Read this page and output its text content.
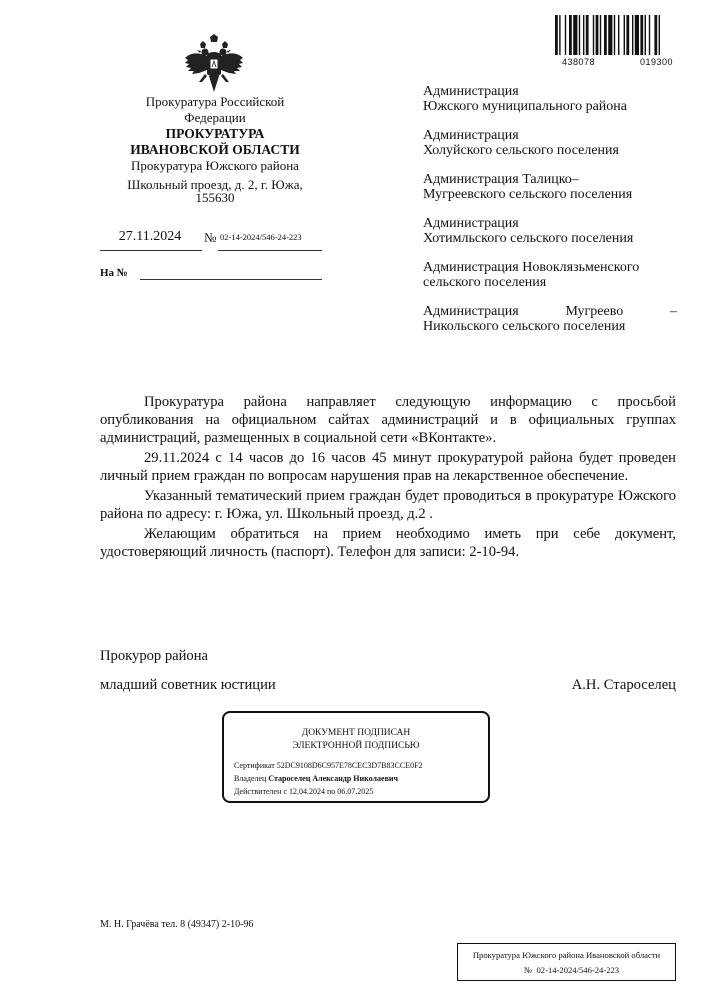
438078	019300
Прокуратура Российской
Федерации
ПРОКУРАТУРА
ИВАНОВСКОЙ ОБЛАСТИ
Прокуратура Южского района
Школьный проезд, д. 2, г. Южа,
155630
27.11.2024	№ 02-14-2024/546-24-223
На №
Администрация
Южского муниципального района
Администрация
Холуйского сельского поселения
Администрация Талицко–
Мугреевского сельского поселения
Администрация
Хотимльского сельского поселения
Администрация Новоклязьменского
сельского поселения
Администрация	Мугреево	–
Никольского сельского поселения

Прокуратура района направляет следующую информацию с просьбой опубликования на официальном сайтах администраций и в официальных группах администраций, размещенных в социальной сети «ВКонтакте».

29.11.2024 с 14 часов до 16 часов 45 минут прокуратурой района будет проведен личный прием граждан по вопросам нарушения прав на лекарственное обеспечение.

Указанный тематический прием граждан будет проводиться в прокуратуре Южского района по адресу: г. Южа, ул. Школьный проезд, д.2 .

Желающим обратиться на прием необходимо иметь при себе документ, удостоверяющий личность (паспорт). Телефон для записи: 2-10-94.

Прокурор района
младший советник юстиции	А.Н. Староселец
ДОКУМЕНТ ПОДПИСАН
ЭЛЕКТРОННОЙ ПОДПИСЬЮ
Сертификат 52DC9108D6C957E78CEC3D7B83CCE0F2
Владелец Староселец Александр Николаевич
Действителен с 12.04.2024 по 06.07.2025
М. Н. Грачёва тел. 8 (49347) 2-10-96
Прокуратура Южского района Ивановской области
№ 02-14-2024/546-24-223
